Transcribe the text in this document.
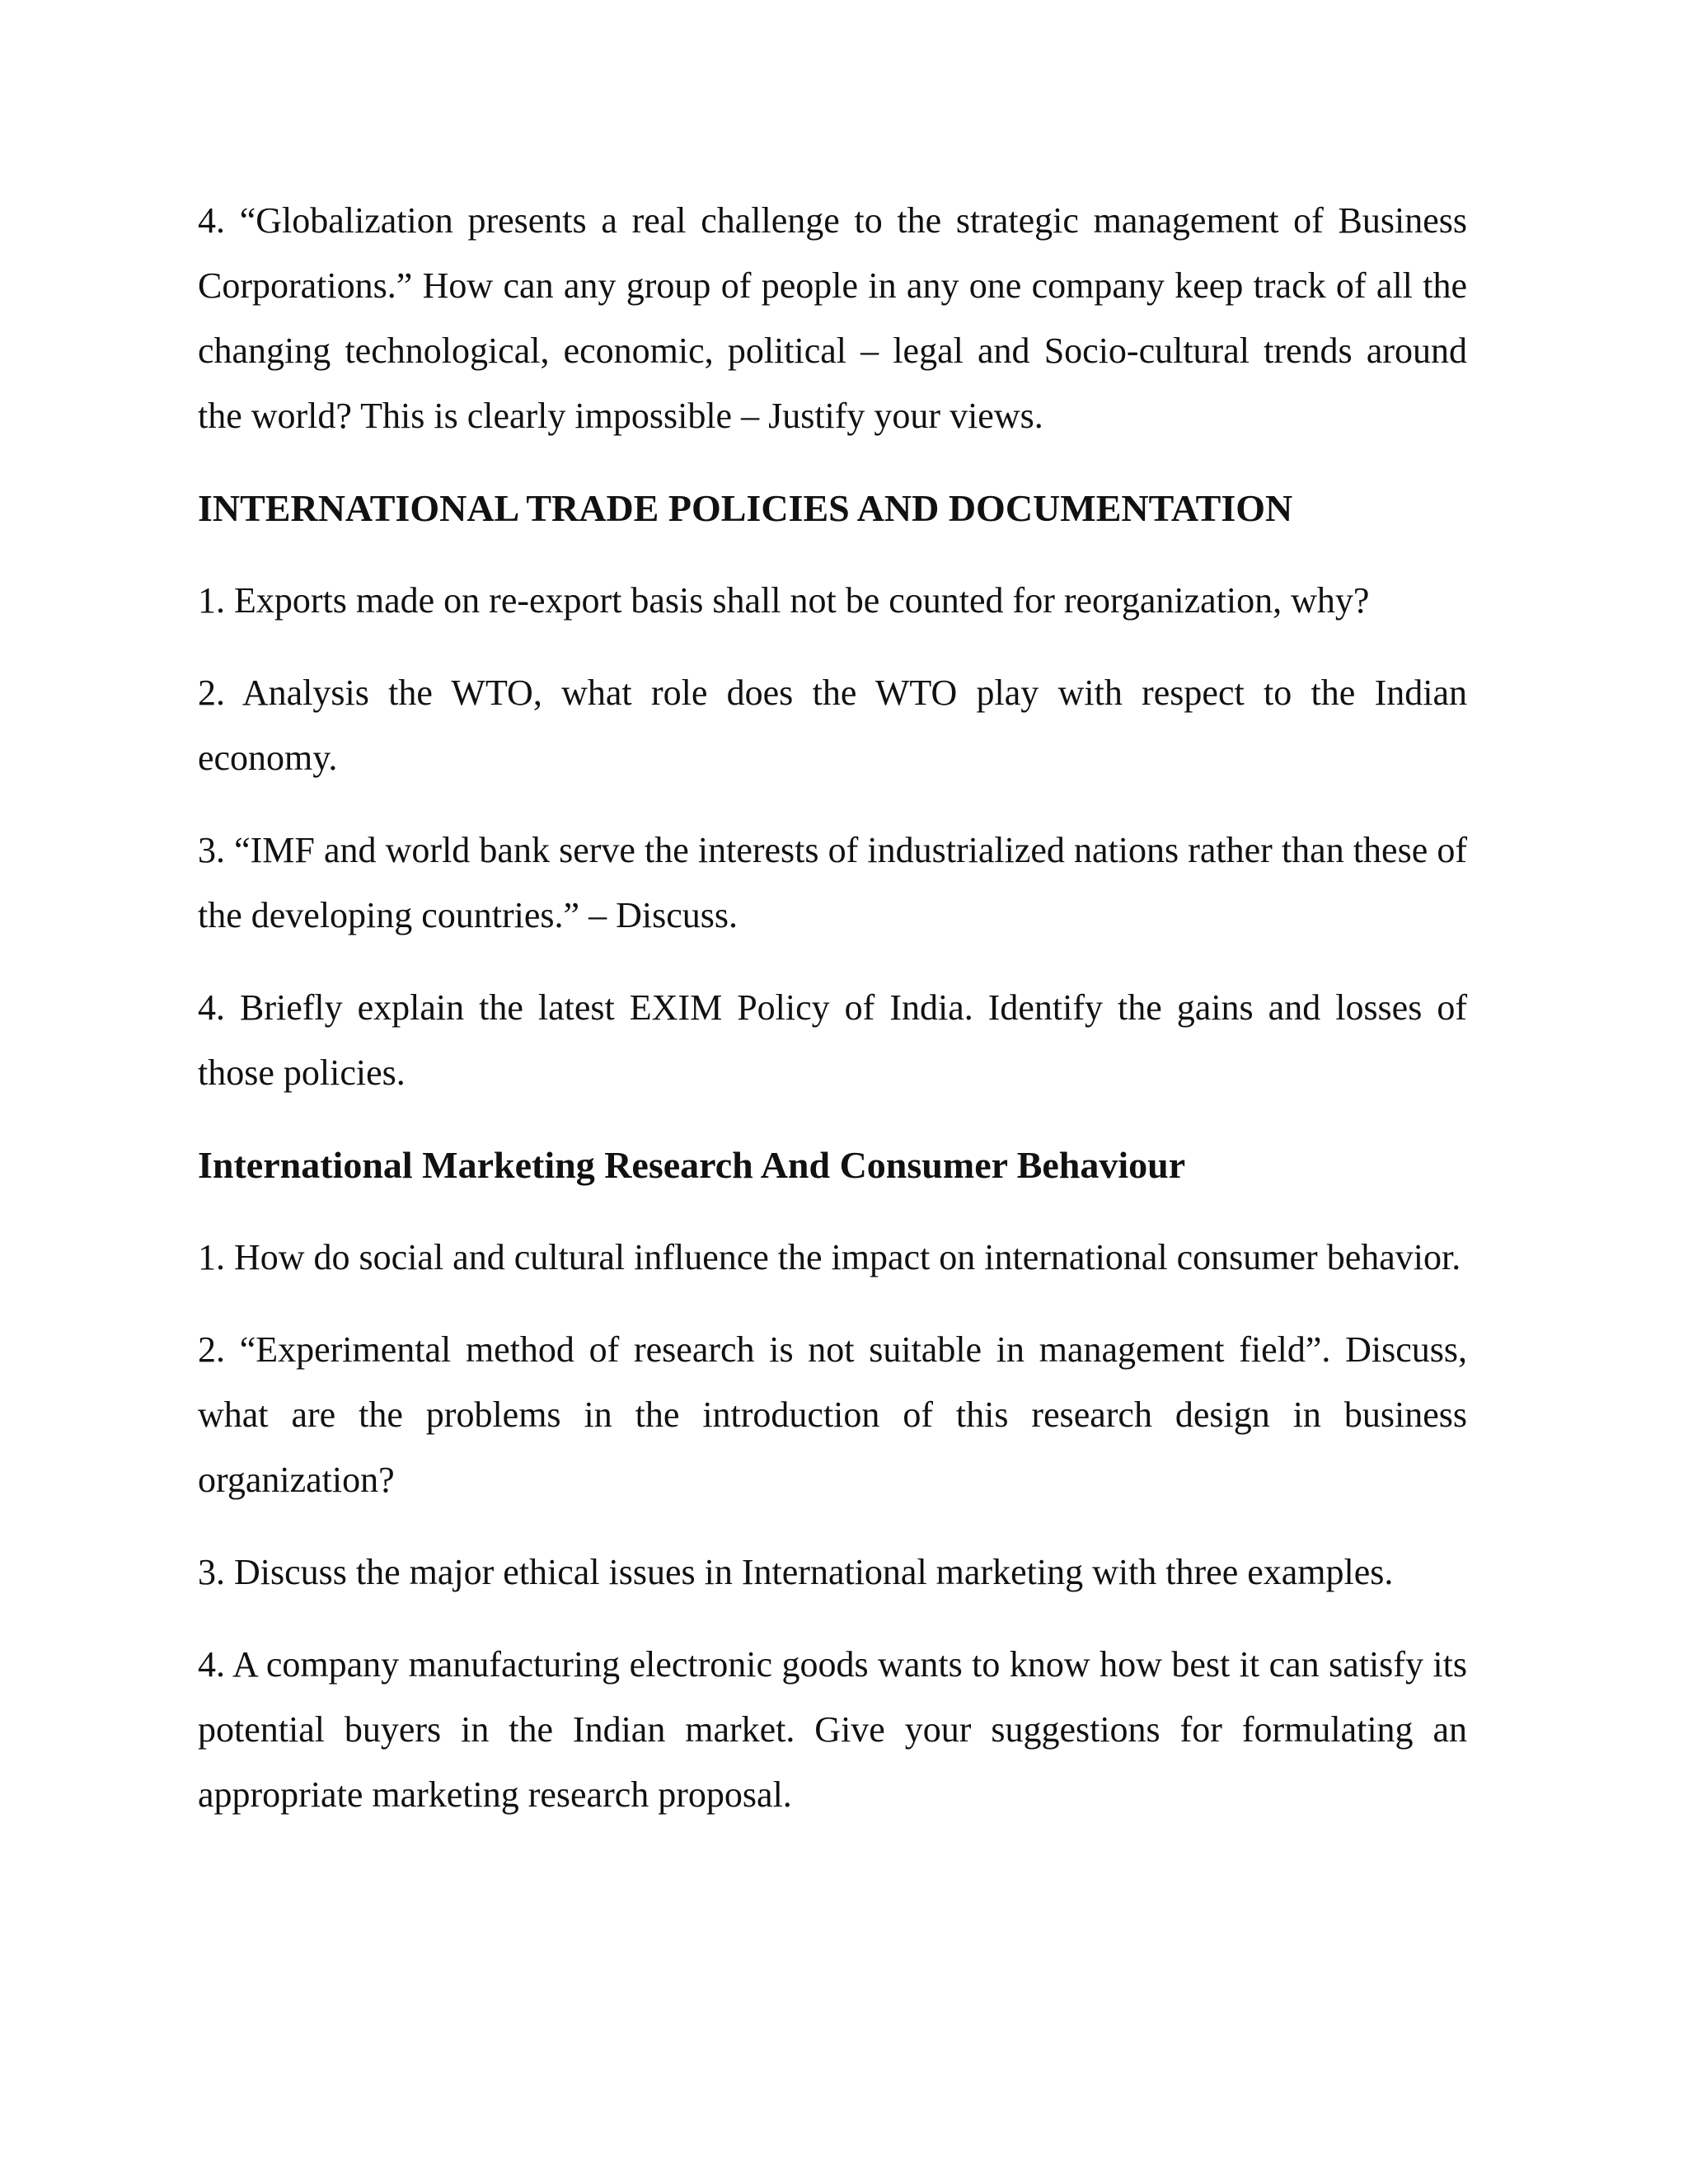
4. “Globalization presents a real challenge to the strategic management of Business Corporations.” How can any group of people in any one company keep track of all the changing technological, economic, political – legal and Socio-cultural trends around the world? This is clearly impossible – Justify your views.

INTERNATIONAL TRADE POLICIES AND DOCUMENTATION

1. Exports made on re-export basis shall not be counted for reorganization, why?

2. Analysis the WTO, what role does the WTO play with respect to the Indian economy.

3. “IMF and world bank serve the interests of industrialized nations rather than these of the developing countries.” – Discuss.

4. Briefly explain the latest EXIM Policy of India. Identify the gains and losses of those policies.

International Marketing Research And Consumer Behaviour

1. How do social and cultural influence the impact on international consumer behavior.

2. “Experimental method of research is not suitable in management field”. Discuss, what are the problems in the introduction of this research design in business organization?

3. Discuss the major ethical issues in International marketing with three examples.

4. A company manufacturing electronic goods wants to know how best it can satisfy its potential buyers in the Indian market. Give your suggestions for formulating an appropriate marketing research proposal.
